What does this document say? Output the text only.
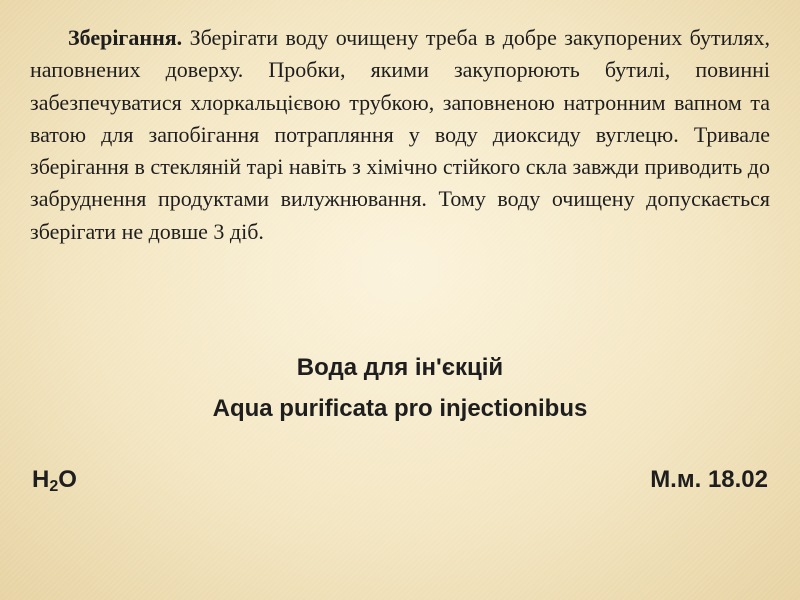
Зберігання. Зберігати воду очищену треба в добре закупорених бутилях, наповнених доверху. Пробки, якими закупорюють бутилі, повинні забезпечуватися хлоркальцієвою трубкою, заповненою натронним вапном та ватою для запобігання потрапляння у воду диоксиду вуглецю. Тривале зберігання в стекляній тарі навіть з хімічно стійкого скла завжди приводить до забруднення продуктами вилужнювання. Тому воду очищену допускається зберігати не довше 3 діб.

Вода для ін'єкцій

Aqua purificata pro injectionibus

$H_2O$	М.м. 18.02
